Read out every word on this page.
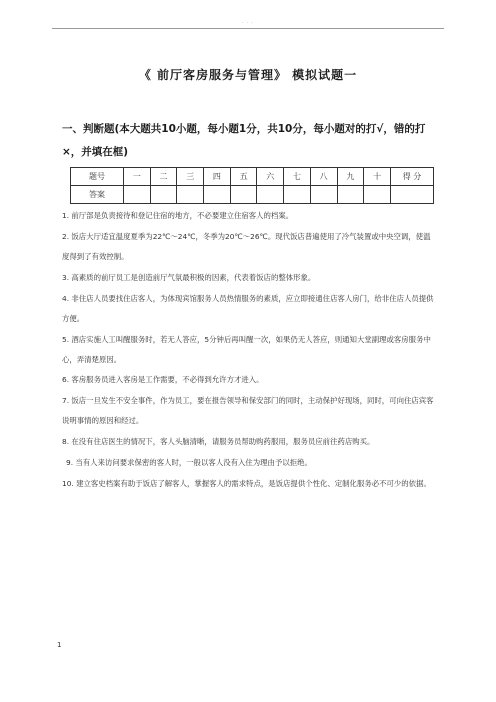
- - -
《 前厅客房服务与管理》 模拟试题一
一、判断题(本大题共10小题，每小题1分，共10分，每小题对的打√，错的打×，并填在框)
题号	一	二	三	四	五	六	七	八	九	十	得 分
答案											

1. 前厅部是负责接待和登记住宿的地方，不必要建立住宿客人的档案。

2. 饭店大厅适宜温度夏季为22℃～24℃，冬季为20℃～26℃。现代饭店普遍使用了冷气装置或中央空调，使温度得到了有效控制。

3. 高素质的前厅员工是创造前厅气氛最积极的因素，代表着饭店的整体形象。

4. 非住店人员要找住店客人，为体现宾馆服务人员热情服务的素质，应立即接通住店客人房门，给非住店人员提供方便。

5. 酒店实施人工叫醒服务时，若无人答应，5分钟后再叫醒一次，如果仍无人答应，则通知大堂副理或客房服务中心，弄清楚原因。

6. 客房服务员进入客房是工作需要，不必得到允许方才进入。

7. 饭店一旦发生不安全事件，作为员工，要在报告领导和保安部门的同时，主动保护好现场，同时，可向住店宾客说明事情的原因和经过。

8. 在没有住店医生的情况下，客人头脑清晰，请服务员帮助购药服用，服务员应前往药店购买。

9. 当有人来访问要求保密的客人时，一般以客人没有入住为理由予以拒绝。

10. 建立客史档案有助于饭店了解客人，掌握客人的需求特点，是饭店提供个性化、定制化服务必不可少的依据。

1
